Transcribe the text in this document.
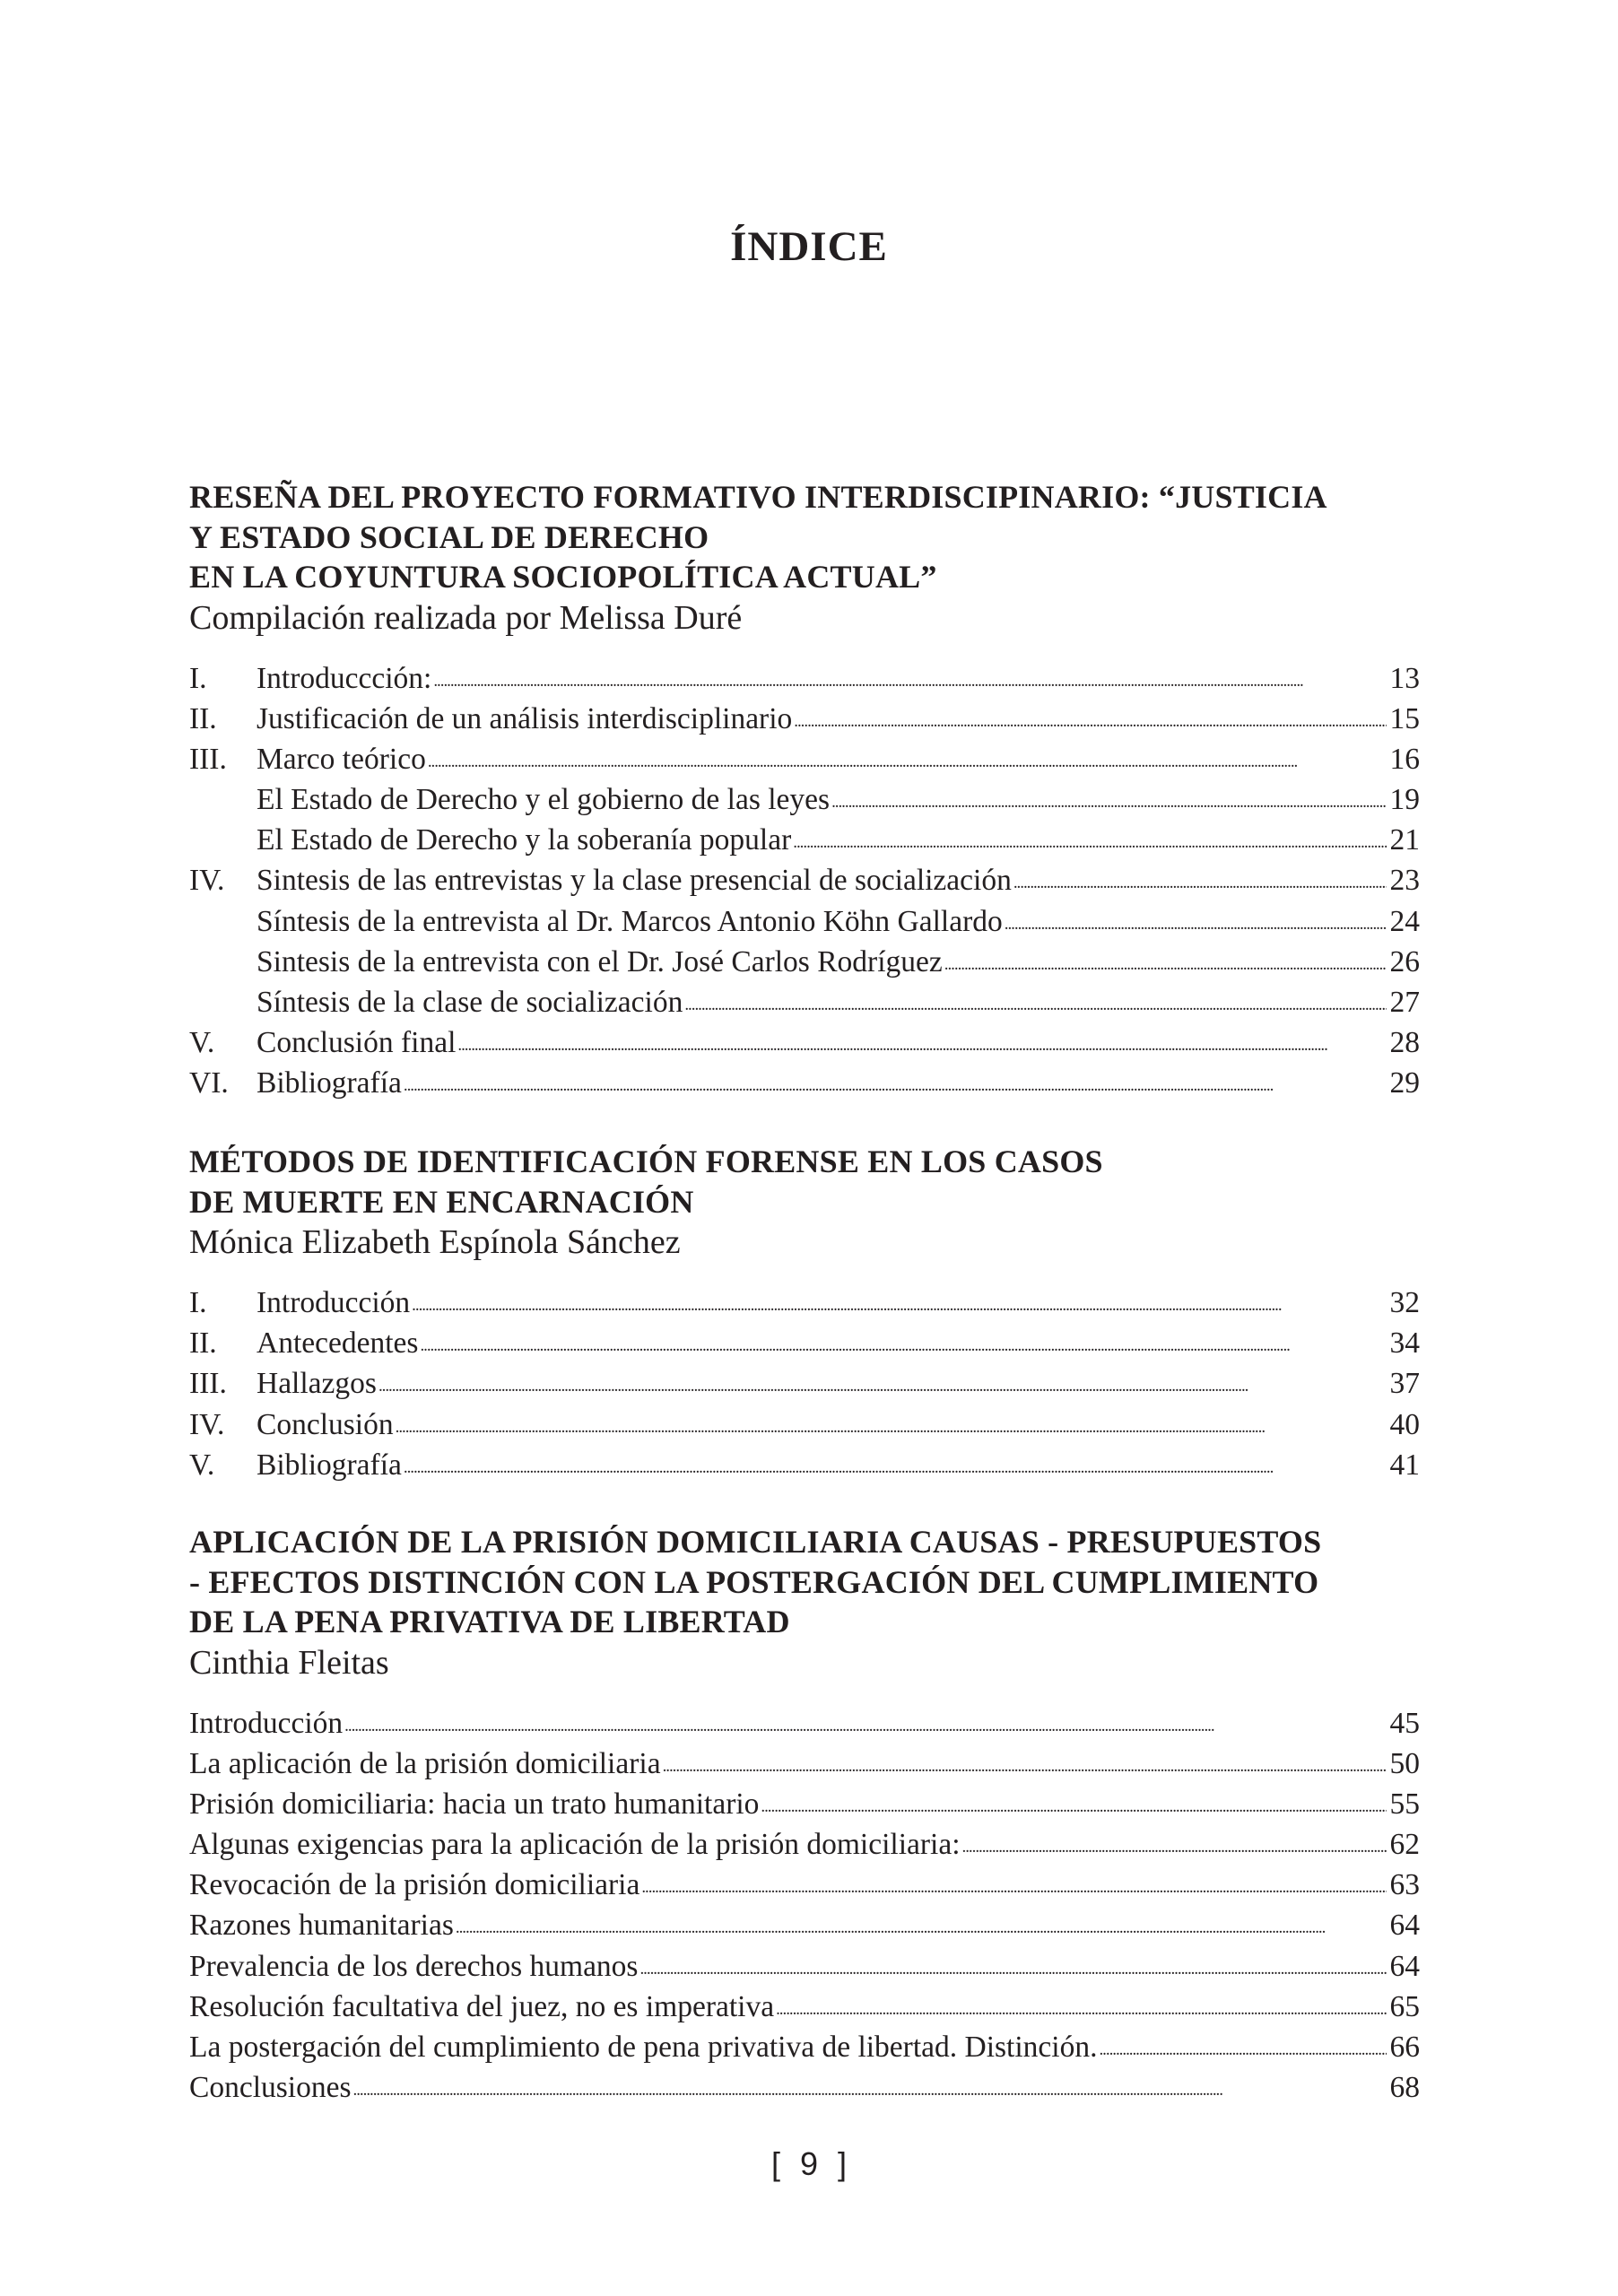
ÍNDICE
RESEÑA DEL PROYECTO FORMATIVO INTERDISCIPINARIO: “JUSTICIA
Y ESTADO SOCIAL DE DERECHO
EN LA COYUNTURA SOCIOPOLÍTICA ACTUAL”

Compilación realizada por Melissa Duré

I.	Introduccción: . . .	13
II.	Justificación de un análisis interdisciplinario . . .	15
III. Marco teórico . . .	16
El Estado de Derecho y el gobierno de las leyes . . .	19
El Estado de Derecho y la soberanía popular . . .	21
IV.	Sintesis de las entrevistas y la clase presencial de socialización . . .	23
Síntesis de la entrevista al Dr. Marcos Antonio Köhn Gallardo . . .	24
Sintesis de la entrevista con el Dr. José Carlos Rodríguez . . .	26
Síntesis de la clase de socialización . . .	27
V.	Conclusión final . . .	28
VI. Bibliografía . . .	29
MÉTODOS DE IDENTIFICACIÓN FORENSE EN LOS CASOS
DE MUERTE EN ENCARNACIÓN

Mónica Elizabeth Espínola Sánchez

I.	Introducción . . .	32
II.	Antecedentes . . .	34
III. Hallazgos . . .	37
IV.	Conclusión . . .	40
V.	Bibliografía . . .	41
APLICACIÓN DE LA PRISIÓN DOMICILIARIA CAUSAS - PRESUPUESTOS
- EFECTOS DISTINCIÓN CON LA POSTERGACIÓN DEL CUMPLIMIENTO
DE LA PENA PRIVATIVA DE LIBERTAD

Cinthia Fleitas

Introducción . . .	45
La aplicación de la prisión domiciliaria . . .	50
Prisión domiciliaria: hacia un trato humanitario . . .	55
Algunas exigencias para la aplicación de la prisión domiciliaria: . . .	62
Revocación de la prisión domiciliaria . . .	63
Razones humanitarias . . .	64
Prevalencia de los derechos humanos . . .	64
Resolución facultativa del juez, no es imperativa . . .	65
La postergación del cumplimiento de pena privativa de libertad. Distinción. . . .	66
Conclusiones . . .	68

[ 9 ]
